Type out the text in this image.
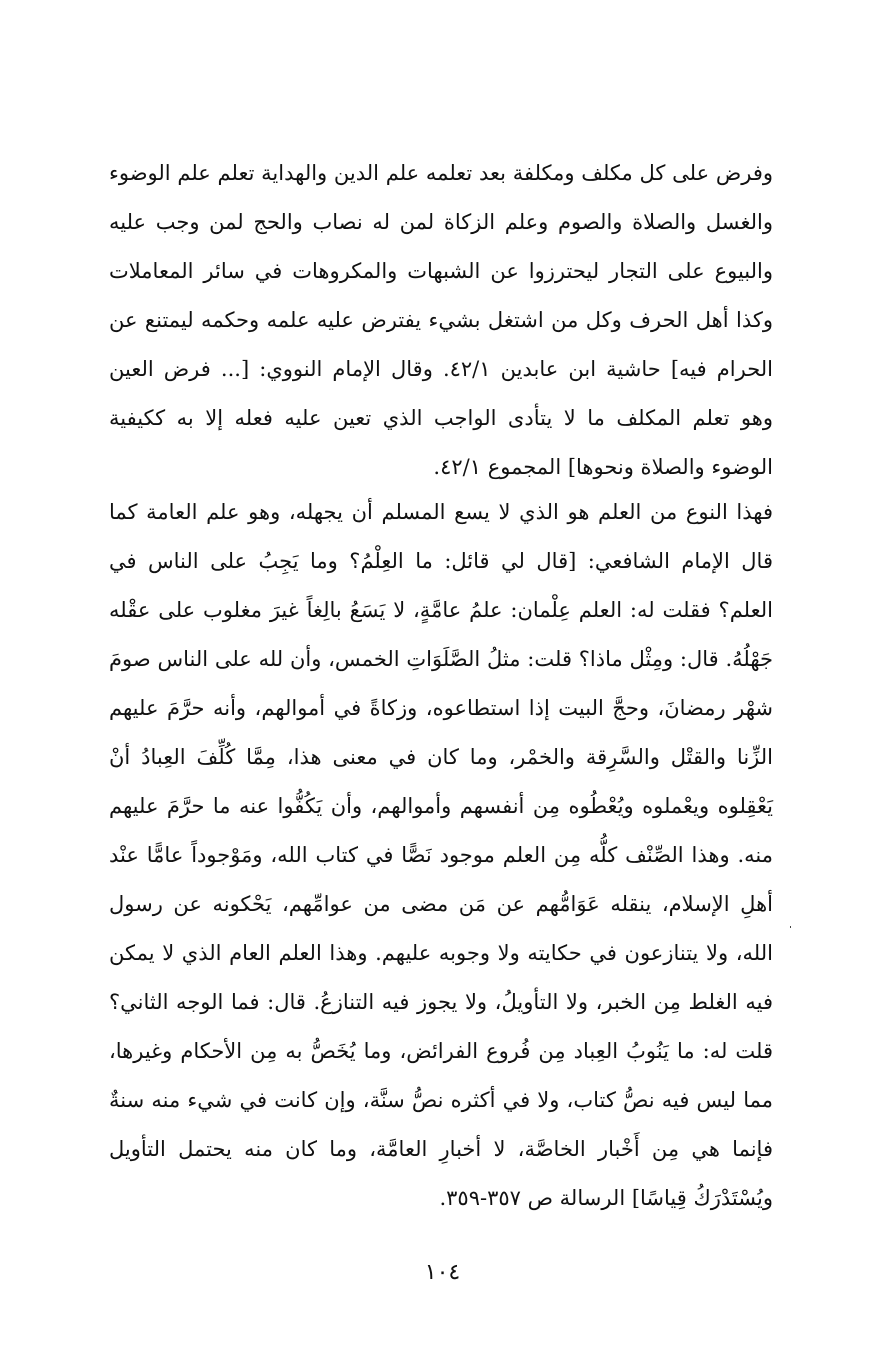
وفرض على كل مكلف ومكلفة بعد تعلمه علم الدين والهداية تعلم علم الوضوء والغسل والصلاة والصوم وعلم الزكاة لمن له نصاب والحج لمن وجب عليه والبيوع على التجار ليحترزوا عن الشبهات والمكروهات في سائر المعاملات وكذا أهل الحرف وكل من اشتغل بشيء يفترض عليه علمه وحكمه ليمتنع عن الحرام فيه] حاشية ابن عابدين ٤٢/١. وقال الإمام النووي: [... فرض العين وهو تعلم المكلف ما لا يتأدى الواجب الذي تعين عليه فعله إلا به ككيفية الوضوء والصلاة ونحوها] المجموع ٤٢/١.

فهذا النوع من العلم هو الذي لا يسع المسلم أن يجهله، وهو علم العامة كما قال الإمام الشافعي: [قال لي قائل: ما العِلْمُ؟ وما يَجِبُ على الناس في العلم؟ فقلت له: العلم عِلْمان: علمُ عامَّةٍ، لا يَسَعُ بالِغاً غيرَ مغلوب على عقْله جَهْلُهُ. قال: ومِثْل ماذا؟ قلت: مثلُ الصَّلَوَاتِ الخمس، وأن لله على الناس صومَ شهْر رمضانَ، وحجَّ البيت إذا استطاعوه، وزكاةً في أموالهم، وأنه حرَّمَ عليهم الزِّنا والقتْل والسَّرِقة والخمْر، وما كان في معنى هذا، مِمَّا كُلِّفَ العِبادُ أنْ يَعْقِلوه ويعْملوه ويُعْطُوه مِن أنفسهم وأموالهم، وأن يَكُفُّوا عنه ما حرَّمَ عليهم منه. وهذا الصِّنْف كلُّه مِن العلم موجود نَصًّا في كتاب الله، ومَوْجوداً عامًّا عنْد أهلِ الإسلام، ينقله عَوَامُّهم عن مَن مضى من عوامِّهم، يَحْكونه عن رسول الله، ولا يتنازعون في حكايته ولا وجوبه عليهم. وهذا العلم العام الذي لا يمكن فيه الغلط مِن الخبر، ولا التأويلُ، ولا يجوز فيه التنازعُ. قال: فما الوجه الثاني؟ قلت له: ما يَنُوبُ العِباد مِن فُروع الفرائض، وما يُخَصُّ به مِن الأحكام وغيرها، مما ليس فيه نصُّ كتاب، ولا في أكثره نصُّ سنَّة، وإن كانت في شيء منه سنةٌ فإنما هي مِن أَخْبار الخاصَّة، لا أخبارِ العامَّة، وما كان منه يحتمل التأويل ويُسْتَدْرَكُ قِياسًا] الرسالة ص ٣٥٧-٣٥٩.

١٠٤
